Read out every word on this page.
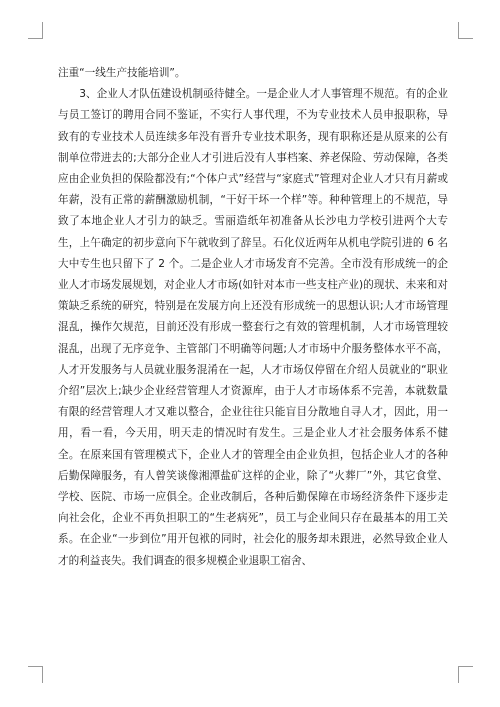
注重“一线生产技能培训”。

3、企业人才队伍建设机制亟待健全。一是企业人才人事管理不规范。有的企业与员工签订的聘用合同不鉴证，不实行人事代理，不为专业技术人员申报职称，导致有的专业技术人员连续多年没有晋升专业技术职务，现有职称还是从原来的公有制单位带进去的;大部分企业人才引进后没有人事档案、养老保险、劳动保障，各类应由企业负担的保险都没有;“个体户式”经营与“家庭式”管理对企业人才只有月薪或年薪，没有正常的薪酬激励机制，“干好干坏一个样”等。种种管理上的不规范，导致了本地企业人才引力的缺乏。雪丽造纸年初准备从长沙电力学校引进两个大专生，上午确定的初步意向下午就收到了辞呈。石化仪近两年从机电学院引进的 6 名大中专生也只留下了 2 个。二是企业人才市场发育不完善。全市没有形成统一的企业人才市场发展规划，对企业人才市场(如针对本市一些支柱产业)的现状、未来和对策缺乏系统的研究，特别是在发展方向上还没有形成统一的思想认识;人才市场管理混乱，操作欠规范，目前还没有形成一整套行之有效的管理机制，人才市场管理较混乱，出现了无序竞争、主管部门不明确等问题;人才市场中介服务整体水平不高，人才开发服务与人员就业服务混淆在一起，人才市场仅停留在介绍人员就业的“职业介绍”层次上;缺少企业经营管理人才资源库，由于人才市场体系不完善，本就数量有限的经营管理人才又难以整合，企业往往只能盲目分散地自寻人才，因此，用一用，看一看，今天用，明天走的情况时有发生。三是企业人才社会服务体系不健全。在原来国有管理模式下，企业人才的管理全由企业负担，包括企业人才的各种后勤保障服务，有人曾笑谈像湘潭盐矿这样的企业，除了“火葬厂”外，其它食堂、学校、医院、市场一应俱全。企业改制后，各种后勤保障在市场经济条件下逐步走向社会化，企业不再负担职工的“生老病死”，员工与企业间只存在最基本的用工关系。在企业“一步到位”用开包袱的同时，社会化的服务却未跟进，必然导致企业人才的利益丧失。我们调查的很多规模企业退职工宿舍、
